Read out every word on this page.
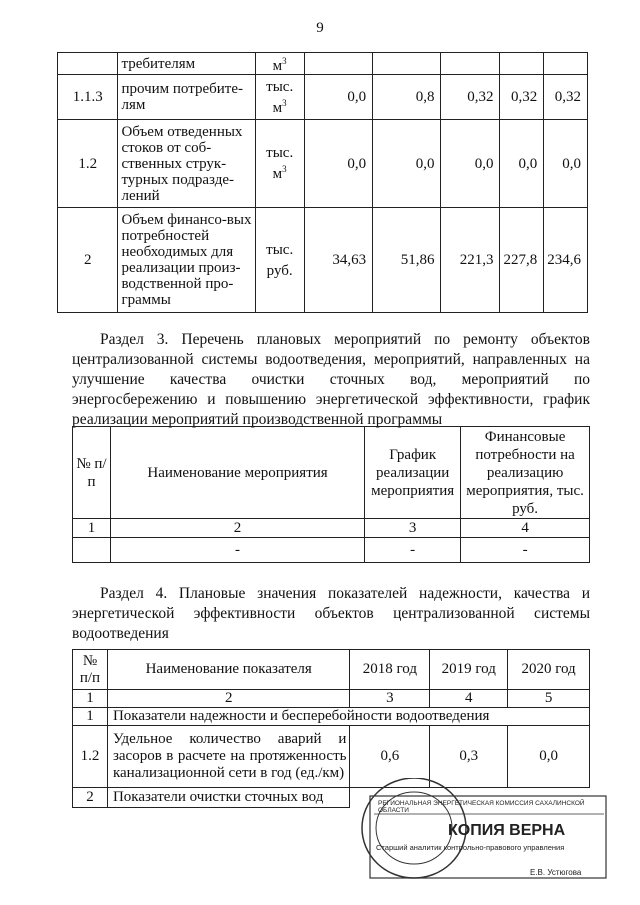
9
	требителям	$м^3$					
1.1.3	прочим потребите-лям	тыс. $м^3$	0,0	0,8	0,32	0,32	0,32
1.2	Объем отведенных стоков от соб-ственных струк-турных подразде-лений	тыс. $м^3$	0,0	0,0	0,0	0,0	0,0
2	Объем финансо-вых потребностей необходимых для реализации произ-водственной про-граммы	тыс. руб.	34,63	51,86	221,3	227,8	234,6
Раздел 3. Перечень плановых мероприятий по ремонту объектов централизованной системы водоотведения, мероприятий, направленных на улучшение качества очистки сточных вод, мероприятий по энергосбережению и повышению энергетической эффективности, график реализации мероприятий производственной программы
№ п/п	Наименование мероприятия	График реализации мероприятия	Финансовые потребности на реализацию мероприятия, тыс. руб.
1	2	3	4
	-	-	-
Раздел 4. Плановые значения показателей надежности, качества и энергетической эффективности объектов централизованной системы водоотведения
№ п/п	Наименование показателя	2018 год	2019 год	2020 год
1	2	3	4	5
1	Показатели надежности и бесперебойности водоотведения			
1.2	Удельное количество аварий и засоров в расчете на протяженность канализационной сети в год (ед./км)	0,6	0,3	0,0
2	Показатели очистки сточных вод				РЕГИОНАЛЬНАЯ ЭНЕРГЕТИЧЕСКАЯ КОМИССИЯ САХАЛИНСКОЙ ОБЛАСТИ
КОПИЯ ВЕРНА
Старший аналитик контрольно-правового управления
Е.В. Устюгова
